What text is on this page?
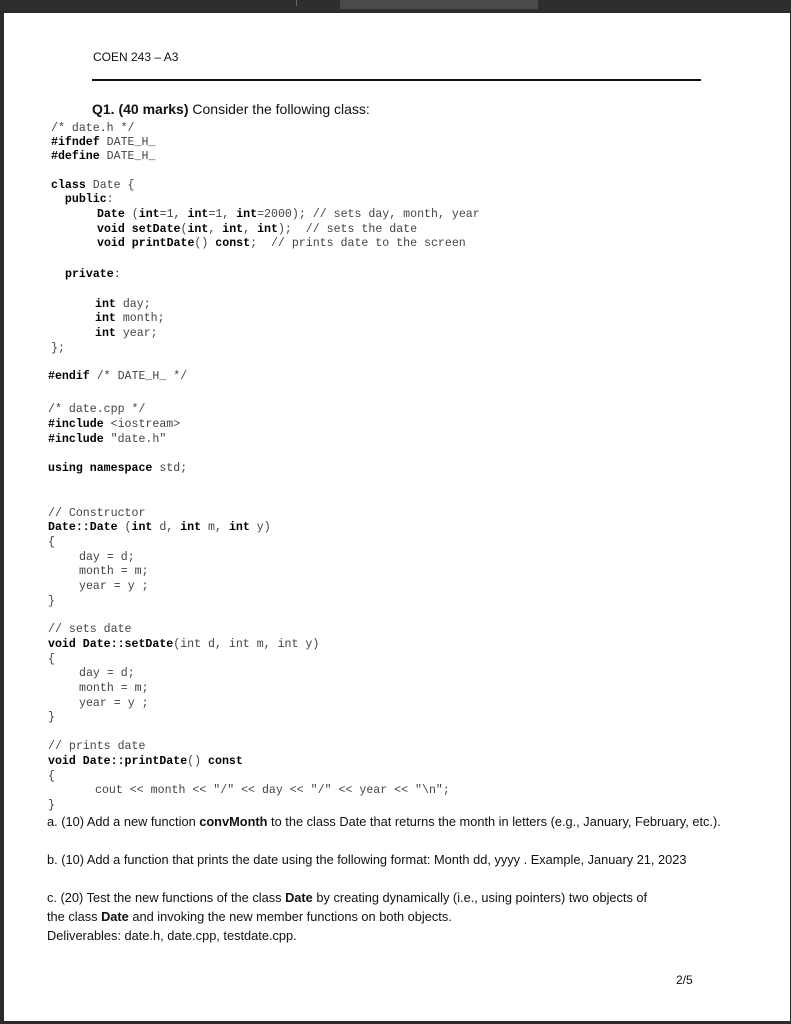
COEN 243 – A3
Q1. (40 marks) Consider the following class:
/* date.h */
#ifndef DATE_H_
#define DATE_H_
class Date {
public:
Date (int=1, int=1, int=2000); // sets day, month, year
void setDate(int, int, int);  // sets the date
void printDate() const;  // prints date to the screen
private:
int day;
int month;
int year;
};
#endif /* DATE_H_ */
/* date.cpp */
#include <iostream>
#include "date.h"
using namespace std;
// Constructor
Date::Date (int d, int m, int y)
{
day = d;
month = m;
year = y ;
}
// sets date
void Date::setDate(int d, int m, int y)
{
day = d;
month = m;
year = y ;
}
// prints date
void Date::printDate() const
{
cout << month << "/" << day << "/" << year << "\n";
}
a. (10) Add a new function convMonth to the class Date that returns the month in letters (e.g., January, February, etc.).
b. (10) Add a function that prints the date using the following format: Month dd, yyyy . Example, January 21, 2023
c. (20) Test the new functions of the class Date by creating dynamically (i.e., using pointers) two objects of the class Date and invoking the new member functions on both objects.
Deliverables: date.h, date.cpp, testdate.cpp.
2/5
